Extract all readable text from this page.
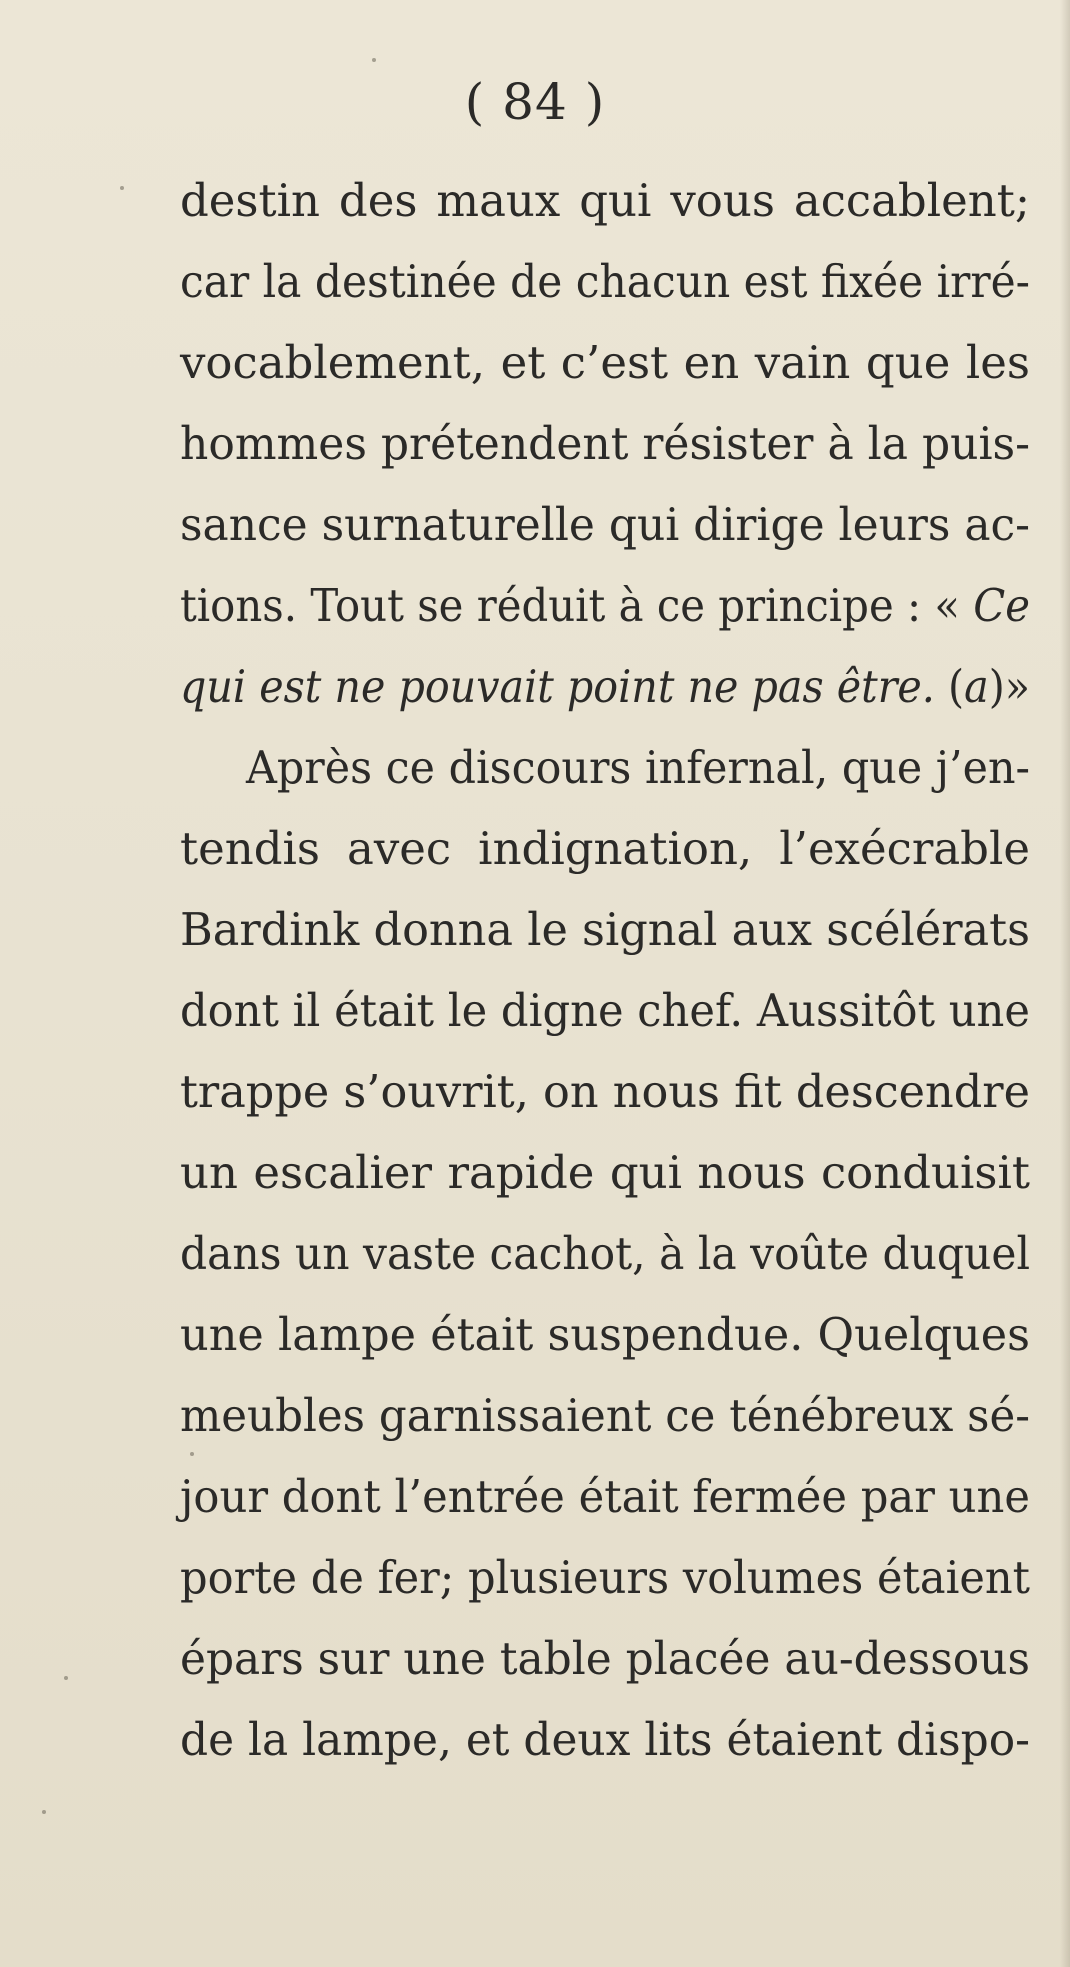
( 84 )
destin des maux qui vous accablent;
car la destinée de chacun est fixée irré-
vocablement, et c’est en vain que les
hommes prétendent résister à la puis-
sance surnaturelle qui dirige leurs ac-
tions. Tout se réduit à ce principe : « Ce
qui est ne pouvait point ne pas être. (a)»
Après ce discours infernal, que j’en-
tendis avec indignation, l’exécrable
Bardink donna le signal aux scélérats
dont il était le digne chef. Aussitôt une
trappe s’ouvrit, on nous fit descendre
un escalier rapide qui nous conduisit
dans un vaste cachot, à la voûte duquel
une lampe était suspendue. Quelques
meubles garnissaient ce ténébreux sé-
jour dont l’entrée était fermée par une
porte de fer; plusieurs volumes étaient
épars sur une table placée au-dessous
de la lampe, et deux lits étaient dispo-
